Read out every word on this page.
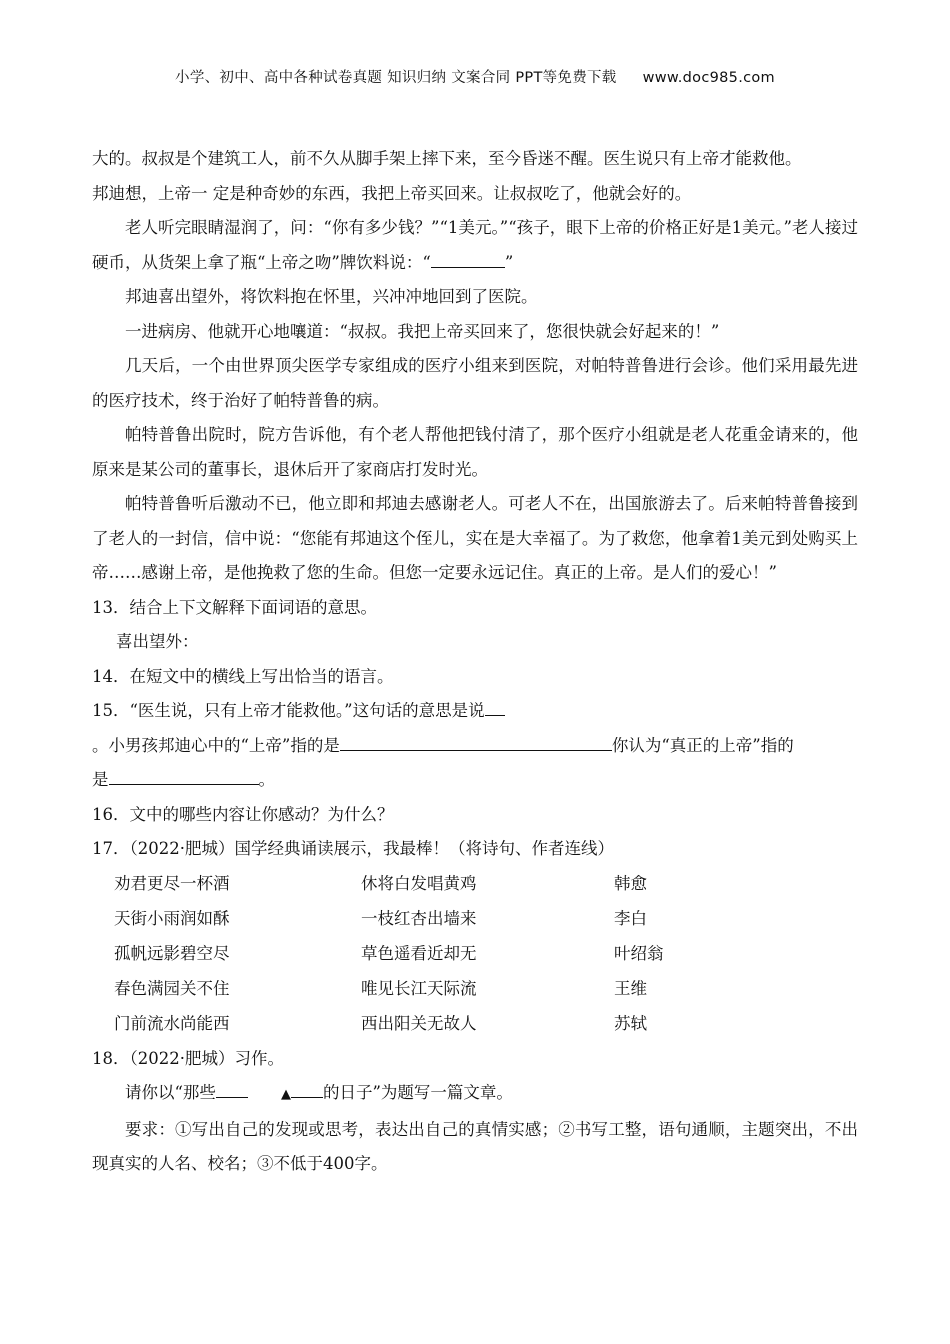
小学、初中、高中各种试卷真题 知识归纳 文案合同 PPT等免费下载 www.doc985.com

大的。叔叔是个建筑工人，前不久从脚手架上摔下来，至今昏迷不醒。医生说只有上帝才能救他。
邦迪想，上帝一 定是种奇妙的东西，我把上帝买回来。让叔叔吃了，他就会好的。

老人听完眼睛湿润了，问：“你有多少钱？”“1美元。”“孩子，眼下上帝的价格正好是1美元。”老人接过硬币，从货架上拿了瓶“上帝之吻”牌饮料说：“	”

邦迪喜出望外，将饮料抱在怀里，兴冲冲地回到了医院。

一进病房、他就开心地嚷道：“叔叔。我把上帝买回来了，您很快就会好起来的！”

几天后，一个由世界顶尖医学专家组成的医疗小组来到医院，对帕特普鲁进行会诊。他们采用最先进的医疗技术，终于治好了帕特普鲁的病。

帕特普鲁出院时，院方告诉他，有个老人帮他把钱付清了，那个医疗小组就是老人花重金请来的，他原来是某公司的董事长，退休后开了家商店打发时光。

帕特普鲁听后激动不已，他立即和邦迪去感谢老人。可老人不在，出国旅游去了。后来帕特普鲁接到了老人的一封信，信中说：“您能有邦迪这个侄儿，实在是大幸福了。为了救您，他拿着1美元到处购买上帝……感谢上帝，是他挽救了您的生命。但您一定要永远记住。真正的上帝。是人们的爱心！”

13．结合上下文解释下面词语的意思。

喜出望外：

14．在短文中的横线上写出恰当的语言。

15．“医生说，只有上帝才能救他。”这句话的意思是说

。小男孩邦迪心中的“上帝”指的是	你认为“真正的上帝”指的

是	。

16．文中的哪些内容让你感动？为什么？

17．（2022·肥城）国学经典诵读展示，我最棒！（将诗句、作者连线）

劝君更尽一杯酒	休将白发唱黄鸡	韩愈
天街小雨润如酥	一枝红杏出墙来	李白
孤帆远影碧空尽	草色遥看近却无	叶绍翁
春色满园关不住	唯见长江天际流	王维
门前流水尚能西	西出阳关无故人	苏轼

18．（2022·肥城）习作。

请你以“那些	▲ 的日子”为题写一篇文章。

要求：①写出自己的发现或思考，表达出自己的真情实感；②书写工整，语句通顺，主题突出，不出现真实的人名、校名；③不低于400字。
